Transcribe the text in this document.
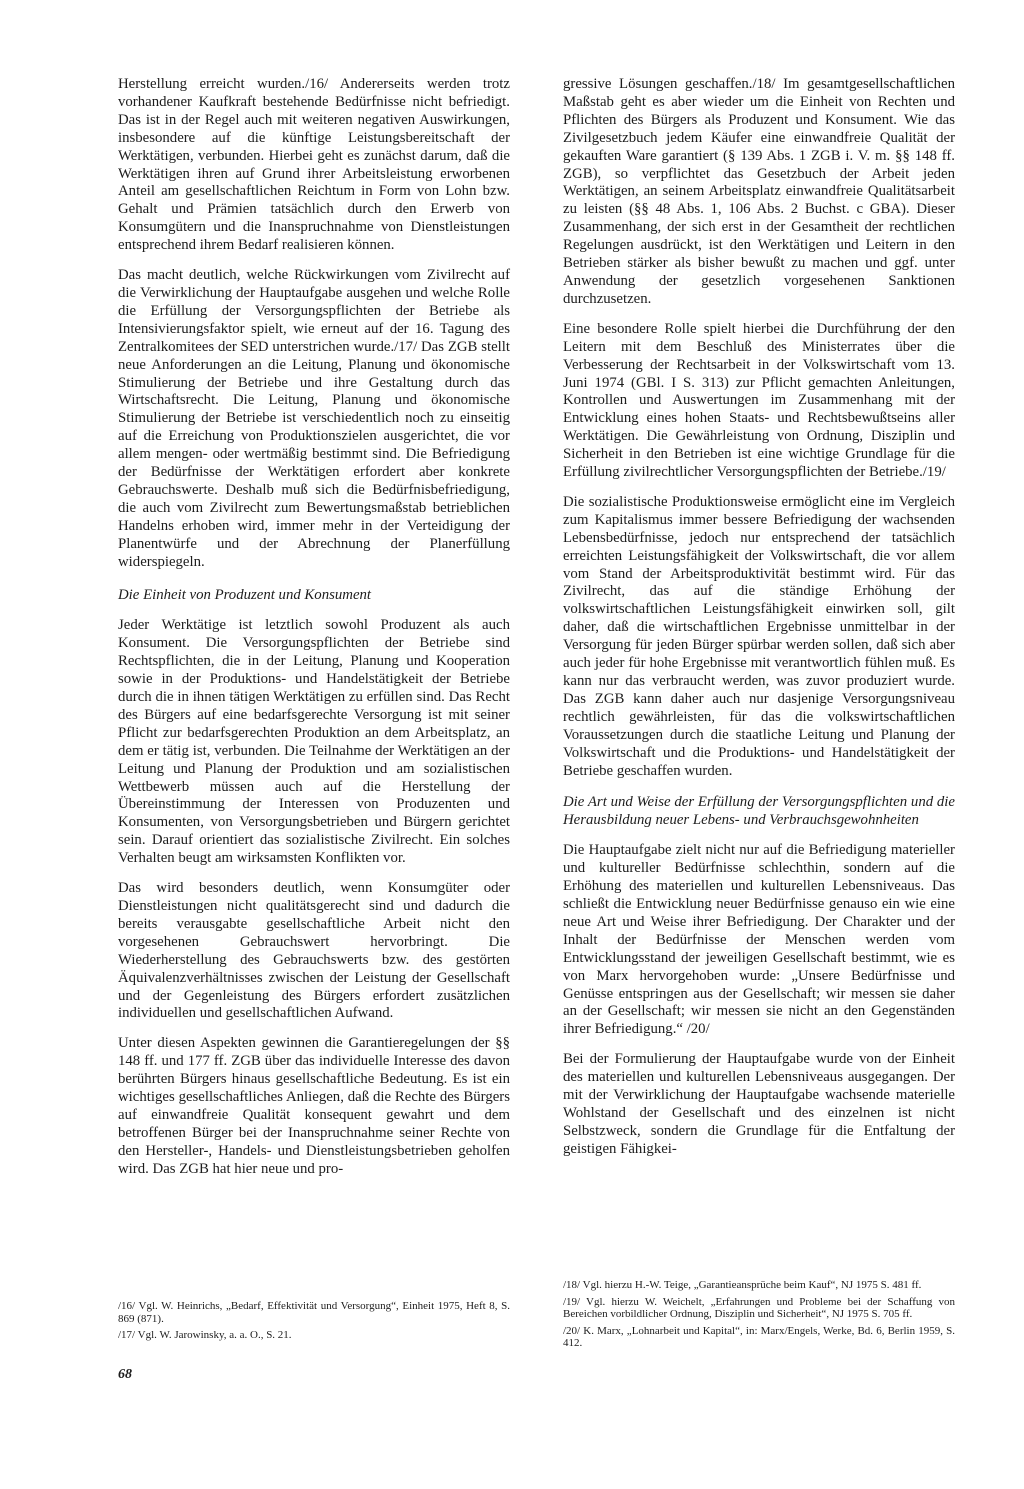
Herstellung erreicht wurden./16/ Andererseits werden trotz vorhandener Kaufkraft bestehende Bedürfnisse nicht befriedigt. Das ist in der Regel auch mit weiteren negativen Auswirkungen, insbesondere auf die künftige Leistungsbereitschaft der Werktätigen, verbunden. Hierbei geht es zunächst darum, daß die Werktätigen ihren auf Grund ihrer Arbeitsleistung erworbenen Anteil am gesellschaftlichen Reichtum in Form von Lohn bzw. Gehalt und Prämien tatsächlich durch den Erwerb von Konsumgütern und die Inanspruchnahme von Dienstleistungen entsprechend ihrem Bedarf realisieren können.

Das macht deutlich, welche Rückwirkungen vom Zivilrecht auf die Verwirklichung der Hauptaufgabe ausgehen und welche Rolle die Erfüllung der Versorgungspflichten der Betriebe als Intensivierungsfaktor spielt, wie erneut auf der 16. Tagung des Zentralkomitees der SED unterstrichen wurde./17/ Das ZGB stellt neue Anforderungen an die Leitung, Planung und ökonomische Stimulierung der Betriebe und ihre Gestaltung durch das Wirtschaftsrecht. Die Leitung, Planung und ökonomische Stimulierung der Betriebe ist verschiedentlich noch zu einseitig auf die Erreichung von Produktionszielen ausgerichtet, die vor allem mengen- oder wertmäßig bestimmt sind. Die Befriedigung der Bedürfnisse der Werktätigen erfordert aber konkrete Gebrauchswerte. Deshalb muß sich die Bedürfnisbefriedigung, die auch vom Zivilrecht zum Bewertungsmaßstab betrieblichen Handelns erhoben wird, immer mehr in der Verteidigung der Planentwürfe und der Abrechnung der Planerfüllung widerspiegeln.

Die Einheit von Produzent und Konsument

Jeder Werktätige ist letztlich sowohl Produzent als auch Konsument. Die Versorgungspflichten der Betriebe sind Rechtspflichten, die in der Leitung, Planung und Kooperation sowie in der Produktions- und Handelstätigkeit der Betriebe durch die in ihnen tätigen Werktätigen zu erfüllen sind. Das Recht des Bürgers auf eine bedarfsgerechte Versorgung ist mit seiner Pflicht zur bedarfsgerechten Produktion an dem Arbeitsplatz, an dem er tätig ist, verbunden. Die Teilnahme der Werktätigen an der Leitung und Planung der Produktion und am sozialistischen Wettbewerb müssen auch auf die Herstellung der Übereinstimmung der Interessen von Produzenten und Konsumenten, von Versorgungsbetrieben und Bürgern gerichtet sein. Darauf orientiert das sozialistische Zivilrecht. Ein solches Verhalten beugt am wirksamsten Konflikten vor.

Das wird besonders deutlich, wenn Konsumgüter oder Dienstleistungen nicht qualitätsgerecht sind und dadurch die bereits verausgabte gesellschaftliche Arbeit nicht den vorgesehenen Gebrauchswert hervorbringt. Die Wiederherstellung des Gebrauchswerts bzw. des gestörten Äquivalenzverhältnisses zwischen der Leistung der Gesellschaft und der Gegenleistung des Bürgers erfordert zusätzlichen individuellen und gesellschaftlichen Aufwand.

Unter diesen Aspekten gewinnen die Garantieregelungen der §§ 148 ff. und 177 ff. ZGB über das individuelle Interesse des davon berührten Bürgers hinaus gesellschaftliche Bedeutung. Es ist ein wichtiges gesellschaftliches Anliegen, daß die Rechte des Bürgers auf einwandfreie Qualität konsequent gewahrt und dem betroffenen Bürger bei der Inanspruchnahme seiner Rechte von den Hersteller-, Handels- und Dienstleistungsbetrieben geholfen wird. Das ZGB hat hier neue und pro-

gressive Lösungen geschaffen./18/ Im gesamtgesellschaftlichen Maßstab geht es aber wieder um die Einheit von Rechten und Pflichten des Bürgers als Produzent und Konsument. Wie das Zivilgesetzbuch jedem Käufer eine einwandfreie Qualität der gekauften Ware garantiert (§ 139 Abs. 1 ZGB i. V. m. §§ 148 ff. ZGB), so verpflichtet das Gesetzbuch der Arbeit jeden Werktätigen, an seinem Arbeitsplatz einwandfreie Qualitätsarbeit zu leisten (§§ 48 Abs. 1, 106 Abs. 2 Buchst. c GBA). Dieser Zusammenhang, der sich erst in der Gesamtheit der rechtlichen Regelungen ausdrückt, ist den Werktätigen und Leitern in den Betrieben stärker als bisher bewußt zu machen und ggf. unter Anwendung der gesetzlich vorgesehenen Sanktionen durchzusetzen.

Eine besondere Rolle spielt hierbei die Durchführung der den Leitern mit dem Beschluß des Ministerrates über die Verbesserung der Rechtsarbeit in der Volkswirtschaft vom 13. Juni 1974 (GBl. I S. 313) zur Pflicht gemachten Anleitungen, Kontrollen und Auswertungen im Zusammenhang mit der Entwicklung eines hohen Staats- und Rechtsbewußtseins aller Werktätigen. Die Gewährleistung von Ordnung, Disziplin und Sicherheit in den Betrieben ist eine wichtige Grundlage für die Erfüllung zivilrechtlicher Versorgungspflichten der Betriebe./19/

Die sozialistische Produktionsweise ermöglicht eine im Vergleich zum Kapitalismus immer bessere Befriedigung der wachsenden Lebensbedürfnisse, jedoch nur entsprechend der tatsächlich erreichten Leistungsfähigkeit der Volkswirtschaft, die vor allem vom Stand der Arbeitsproduktivität bestimmt wird. Für das Zivilrecht, das auf die ständige Erhöhung der volkswirtschaftlichen Leistungsfähigkeit einwirken soll, gilt daher, daß die wirtschaftlichen Ergebnisse unmittelbar in der Versorgung für jeden Bürger spürbar werden sollen, daß sich aber auch jeder für hohe Ergebnisse mit verantwortlich fühlen muß. Es kann nur das verbraucht werden, was zuvor produziert wurde. Das ZGB kann daher auch nur dasjenige Versorgungsniveau rechtlich gewährleisten, für das die volkswirtschaftlichen Voraussetzungen durch die staatliche Leitung und Planung der Volkswirtschaft und die Produktions- und Handelstätigkeit der Betriebe geschaffen wurden.

Die Art und Weise der Erfüllung der Versorgungspflichten und die Herausbildung neuer Lebens- und Verbrauchsgewohnheiten

Die Hauptaufgabe zielt nicht nur auf die Befriedigung materieller und kultureller Bedürfnisse schlechthin, sondern auf die Erhöhung des materiellen und kulturellen Lebensniveaus. Das schließt die Entwicklung neuer Bedürfnisse genauso ein wie eine neue Art und Weise ihrer Befriedigung. Der Charakter und der Inhalt der Bedürfnisse der Menschen werden vom Entwicklungsstand der jeweiligen Gesellschaft bestimmt, wie es von Marx hervorgehoben wurde: „Unsere Bedürfnisse und Genüsse entspringen aus der Gesellschaft; wir messen sie daher an der Gesellschaft; wir messen sie nicht an den Gegenständen ihrer Befriedigung.“ /20/

Bei der Formulierung der Hauptaufgabe wurde von der Einheit des materiellen und kulturellen Lebensniveaus ausgegangen. Der mit der Verwirklichung der Hauptaufgabe wachsende materielle Wohlstand der Gesellschaft und des einzelnen ist nicht Selbstzweck, sondern die Grundlage für die Entfaltung der geistigen Fähigkei-

/16/ Vgl. W. Heinrichs, „Bedarf, Effektivität und Versorgung“, Einheit 1975, Heft 8, S. 869 (871).
/17/ Vgl. W. Jarowinsky, a. a. O., S. 21.
/18/ Vgl. hierzu H.-W. Teige, „Garantieansprüche beim Kauf“, NJ 1975 S. 481 ff.
/19/ Vgl. hierzu W. Weichelt, „Erfahrungen und Probleme bei der Schaffung von Bereichen vorbildlicher Ordnung, Disziplin und Sicherheit“, NJ 1975 S. 705 ff.
/20/ K. Marx, „Lohnarbeit und Kapital“, in: Marx/Engels, Werke, Bd. 6, Berlin 1959, S. 412.
68
